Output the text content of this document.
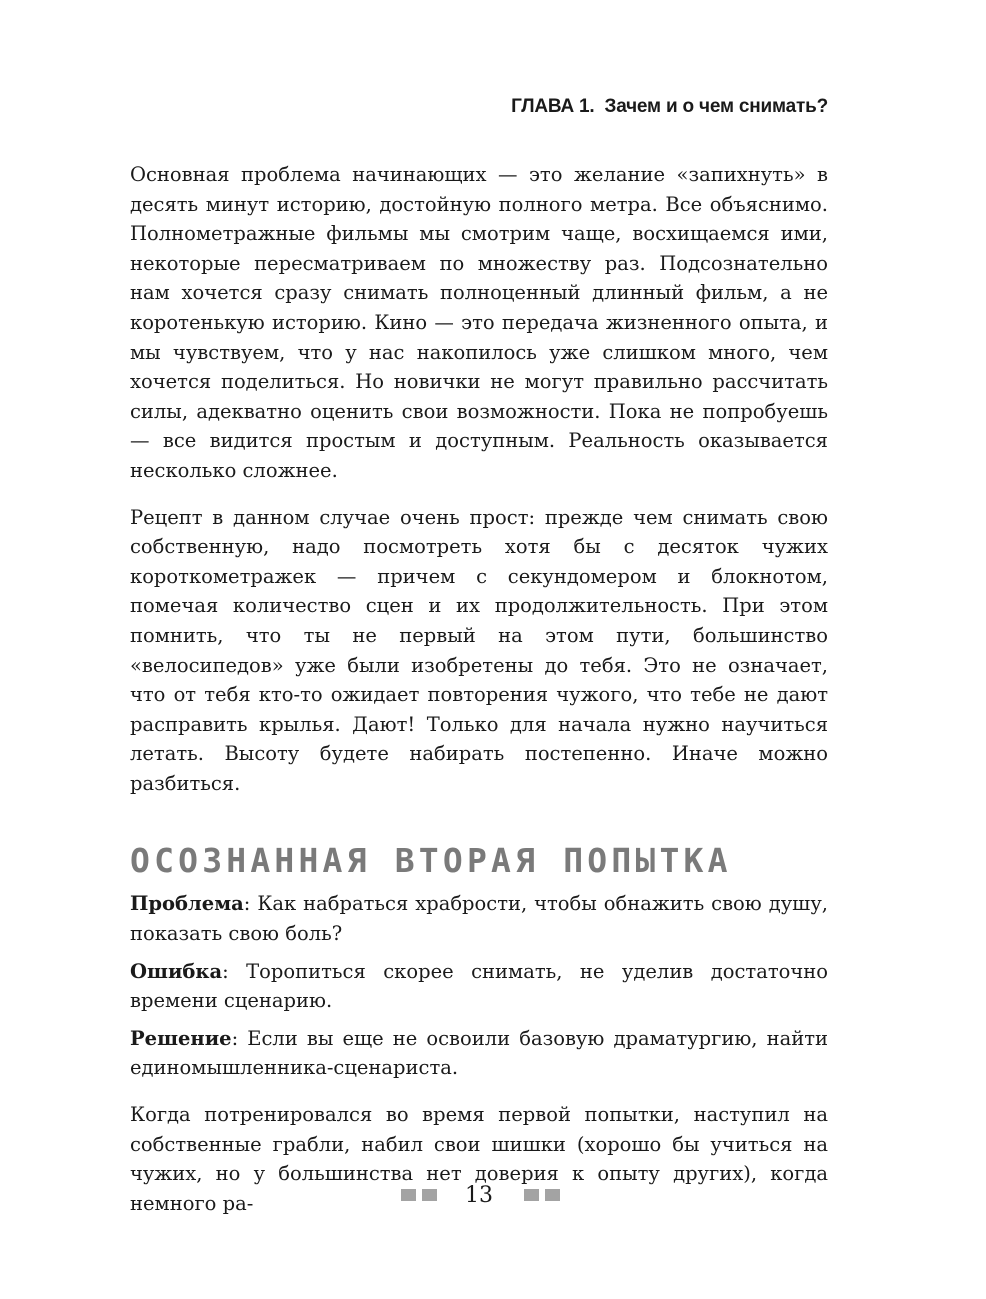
ГЛАВА 1. Зачем и о чем снимать?

Основная проблема начинающих — это желание «запихнуть» в десять минут историю, достойную полного метра. Все объяснимо. Полнометражные фильмы мы смотрим чаще, восхищаемся ими, некоторые пересматриваем по множеству раз. Подсознательно нам хочется сразу снимать полноценный длинный фильм, а не коротенькую историю. Кино — это передача жизненного опыта, и мы чувствуем, что у нас накопилось уже слишком много, чем хочется поделиться. Но новички не могут правильно рассчитать силы, адекватно оценить свои возможности. Пока не попробуешь — все видится простым и доступным. Реальность оказывается несколько сложнее.

Рецепт в данном случае очень прост: прежде чем снимать свою собственную, надо посмотреть хотя бы с десяток чужих короткометражек — причем с секундомером и блокнотом, помечая количество сцен и их продолжительность. При этом помнить, что ты не первый на этом пути, большинство «велосипедов» уже были изобретены до тебя. Это не означает, что от тебя кто-то ожидает повторения чужого, что тебе не дают расправить крылья. Дают! Только для начала нужно научиться летать. Высоту будете набирать постепенно. Иначе можно разбиться.

ОСОЗНАННАЯ ВТОРАЯ ПОПЫТКА

Проблема: Как набраться храбрости, чтобы обнажить свою душу, показать свою боль?

Ошибка: Торопиться скорее снимать, не уделив достаточно времени сценарию.

Решение: Если вы еще не освоили базовую драматургию, найти единомышленника-сценариста.

Когда потренировался во время первой попытки, наступил на собственные грабли, набил свои шишки (хорошо бы учиться на чужих, но у большинства нет доверия к опыту других), когда немного ра-	13
